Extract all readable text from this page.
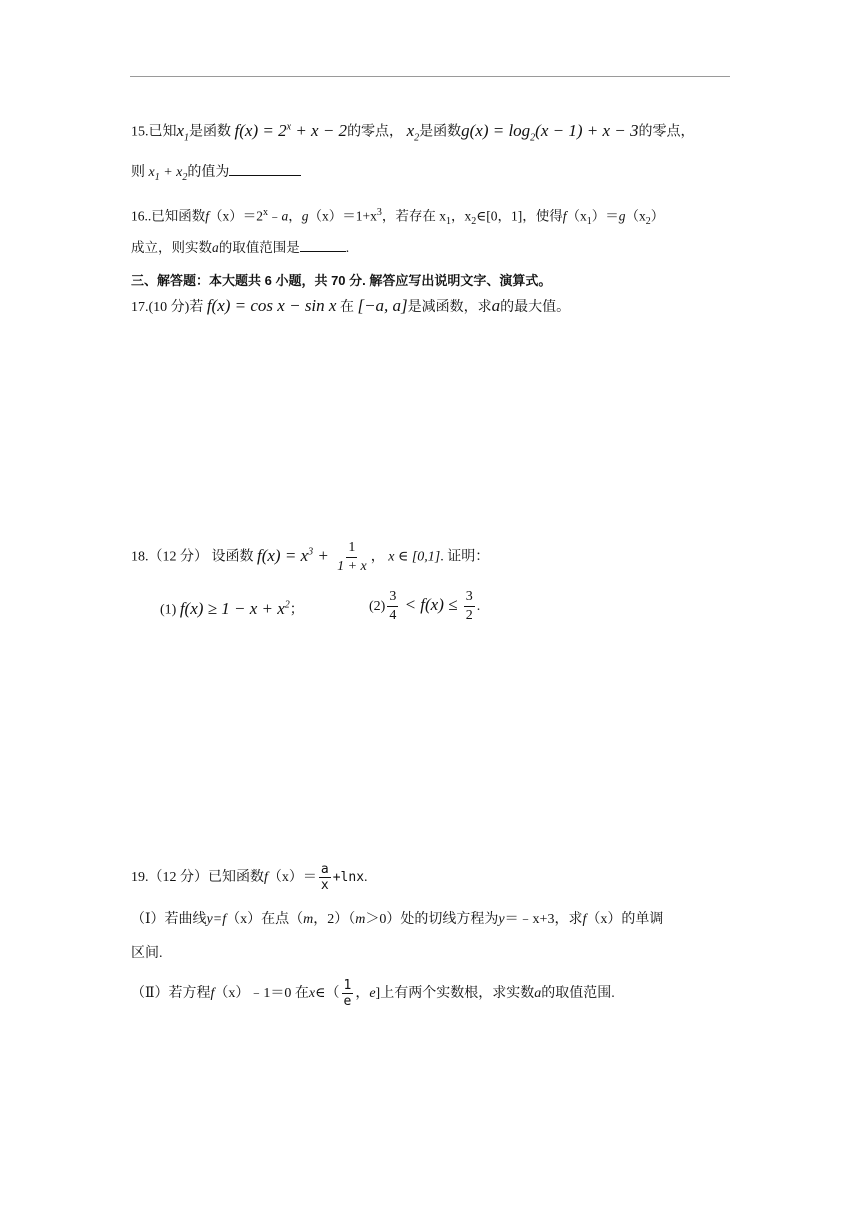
15.已知$x_1$是函数 $f(x) = 2^x + x - 2$的零点， $x_2$是函数$g(x) = \log_2(x - 1) + x - 3$的零点，
则 $x_1 + x_2$的值为
16..已知函数$f(x)=2^x﹣a$，$g(x)=1+x^3$，若存在 $x_1$，$x_2\in[0$，1]，使得$f(x_1)=g(x_2)$
成立，则实数a的取值范围是	.
三、解答题：本大题共 6 小题，共 70 分. 解答应写出说明文字、演算式。
17.(10 分)若 f(x) = cos x − sin x 在 [−a, a]是减函数，求a的最大值。
18.（12 分） 设函数 $f(x) = x^3 + \frac{1}{1 + x}$ ， x ∈ [0,1]. 证明：
(1) $f(x) \ge 1 - x + x^2$；	$(2) \frac{3}{4} < f(x) \le \frac{3}{2}$ .
19.（12 分）已知函数$f(x)= \frac{a}{x} +\ln x$.
（Ⅰ）若曲线y=f（x）在点（m，2）（m＞0）处的切线方程为y＝﹣x+3，求f（x）的单调
区间.
（Ⅱ）若方程f（x）﹣1＝0 在x∈（ $\frac{1}{e}$ ，e]上有两个实数根，求实数a的取值范围.
